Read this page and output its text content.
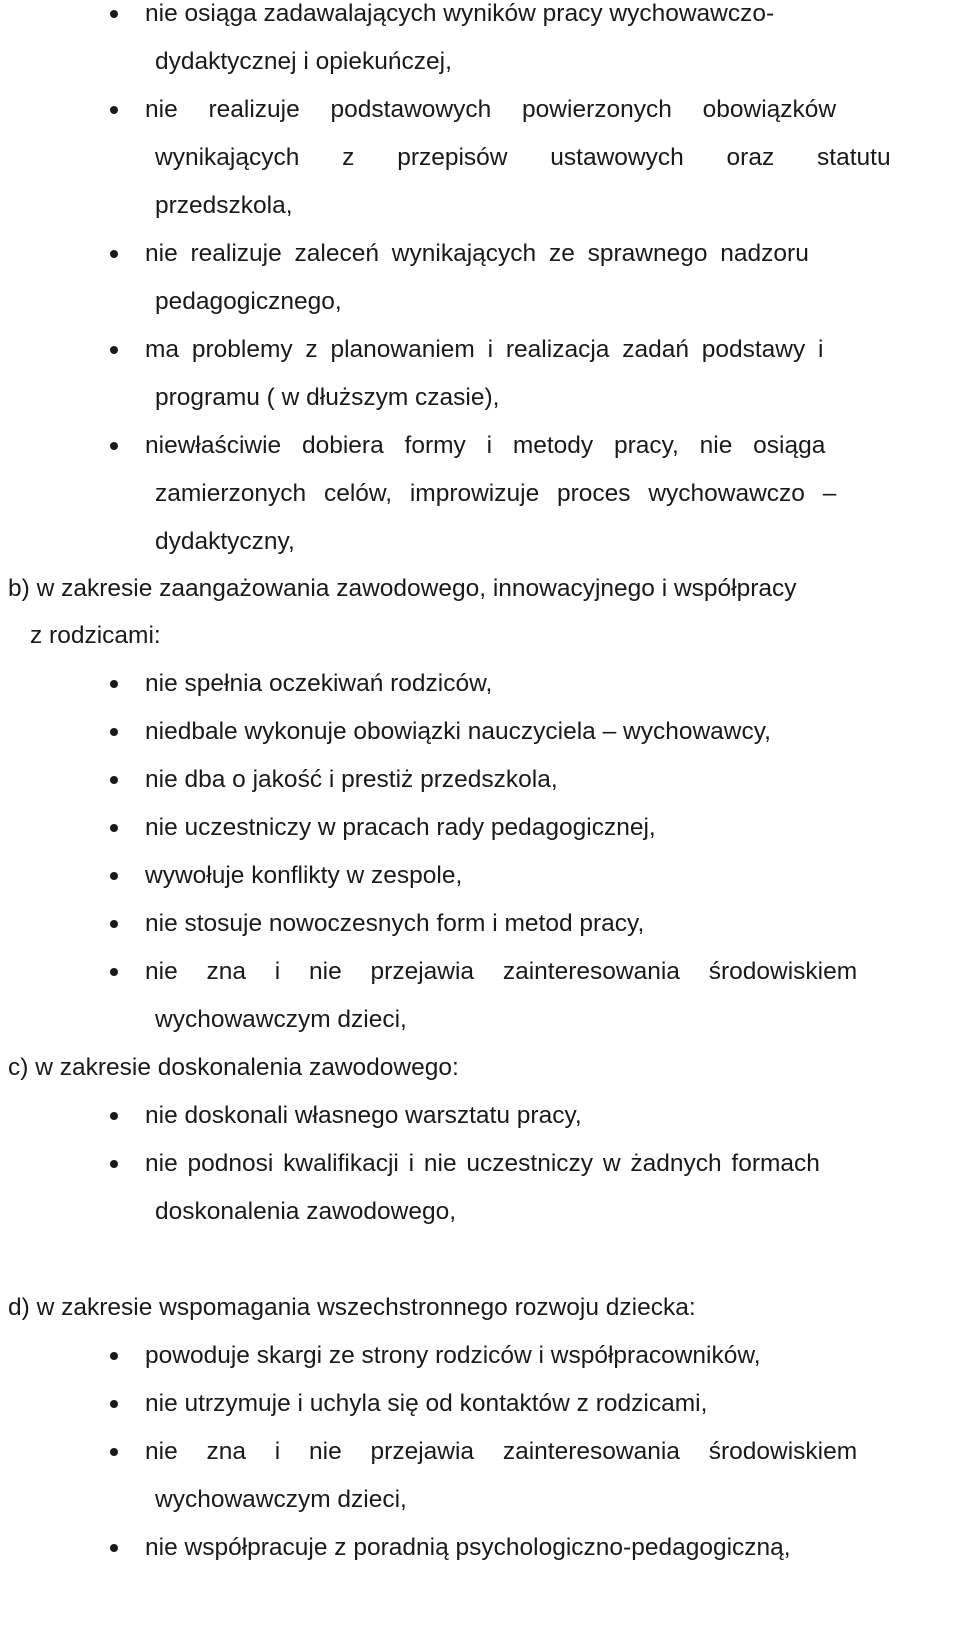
nie osiąga zadawalających wyników pracy wychowawczo-
dydaktycznej i opiekuńczej,
nie realizuje podstawowych powierzonych obowiązków
wynikających z przepisów ustawowych oraz statutu
przedszkola,
nie realizuje zaleceń wynikających ze sprawnego nadzoru
pedagogicznego,
ma problemy z planowaniem i realizacja zadań podstawy i
programu ( w dłuższym czasie),
niewłaściwie dobiera formy i metody pracy, nie osiąga
zamierzonych celów, improwizuje proces wychowawczo –
dydaktyczny,
b) w zakresie zaangażowania zawodowego, innowacyjnego i współpracy
z rodzicami:
nie spełnia oczekiwań rodziców,
niedbale wykonuje obowiązki nauczyciela – wychowawcy,
nie dba o jakość i prestiż przedszkola,
nie uczestniczy w pracach rady pedagogicznej,
wywołuje konflikty w zespole,
nie stosuje nowoczesnych form i metod pracy,
nie zna i nie przejawia zainteresowania środowiskiem
wychowawczym dzieci,
c) w zakresie doskonalenia zawodowego:
nie doskonali własnego warsztatu pracy,
nie podnosi kwalifikacji i nie uczestniczy w żadnych formach
doskonalenia zawodowego,
d) w zakresie wspomagania wszechstronnego rozwoju dziecka:
powoduje skargi ze strony rodziców i współpracowników,
nie utrzymuje i uchyla się od kontaktów z rodzicami,
nie zna i nie przejawia zainteresowania środowiskiem
wychowawczym dzieci,
nie współpracuje z poradnią psychologiczno-pedagogiczną,
